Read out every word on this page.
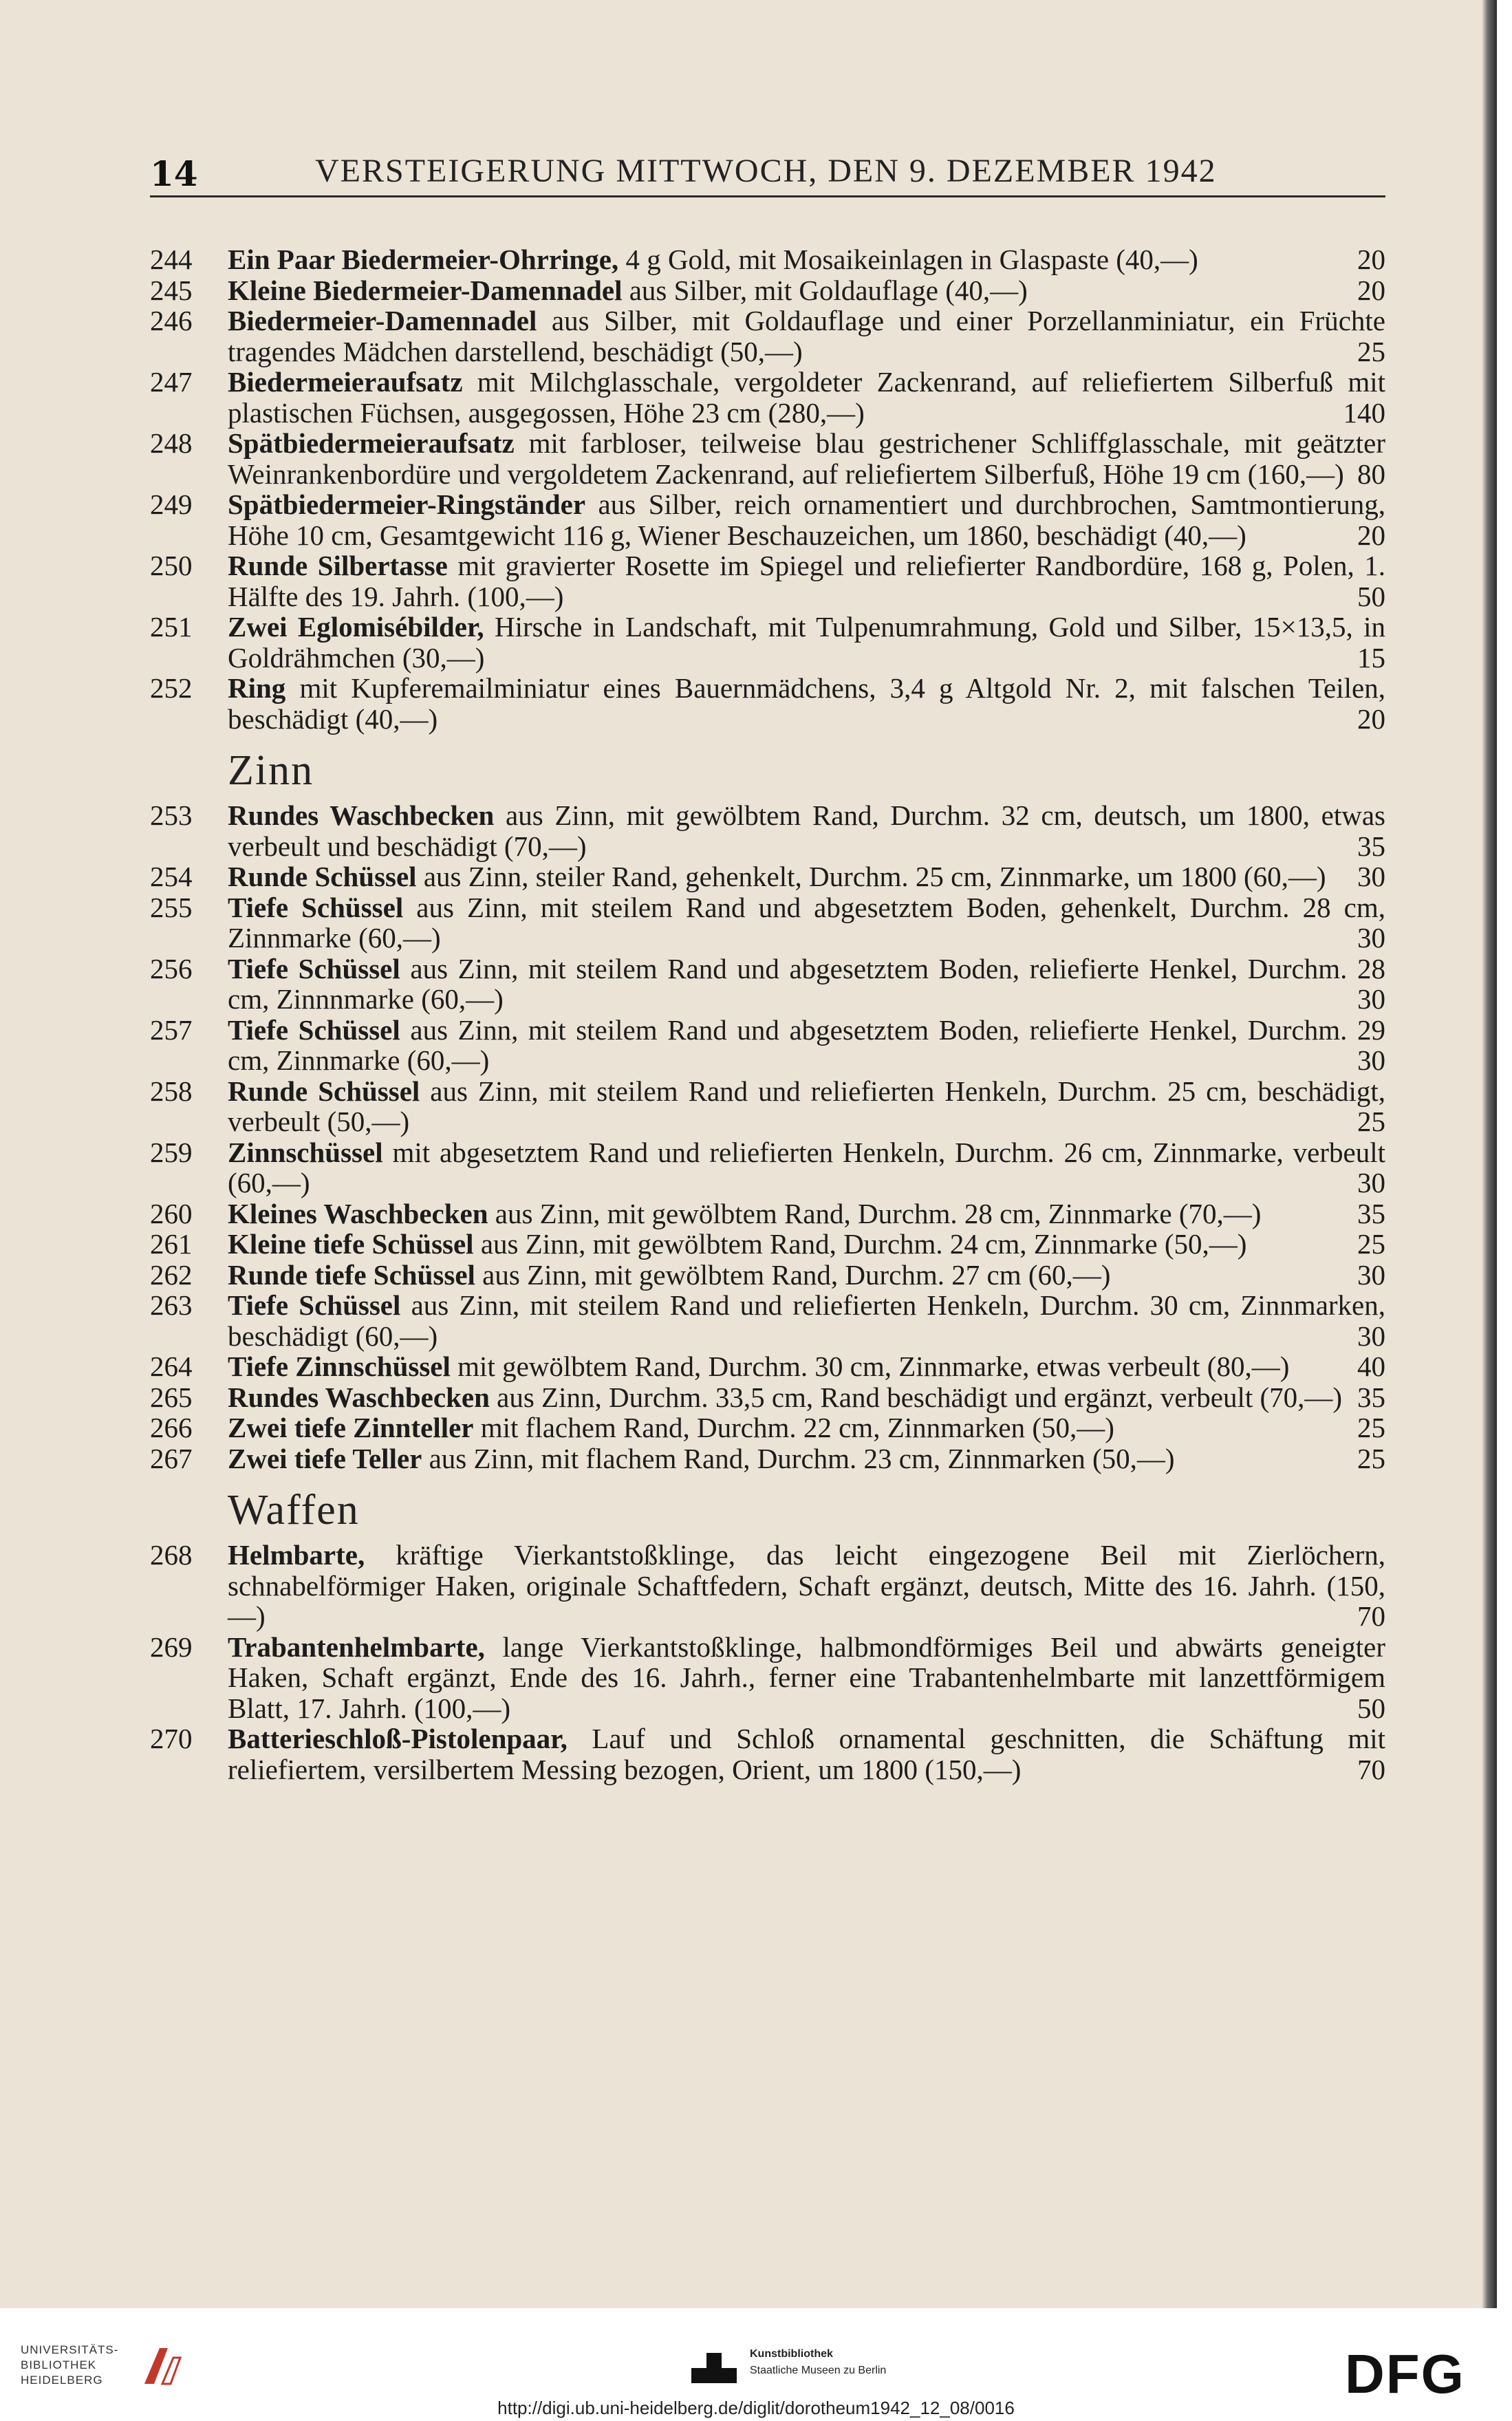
14	VERSTEIGERUNG MITTWOCH, DEN 9. DEZEMBER 1942
244 Ein Paar Biedermeier-Ohrringe, 4 g Gold, mit Mosaikeinlagen in Glaspaste (40,—)	20
245 Kleine Biedermeier-Damennadel aus Silber, mit Goldauflage (40,—)	20
246 Biedermeier-Damennadel aus Silber, mit Goldauflage und einer Porzellanminiatur, ein Früchte tragendes Mädchen darstellend, beschädigt (50,—)	25
247 Biedermeieraufsatz mit Milchglasschale, vergoldeter Zackenrand, auf reliefiertem Silberfuß mit plastischen Füchsen, ausgegossen, Höhe 23 cm (280,—)	140
248 Spätbiedermeieraufsatz mit farbloser, teilweise blau gestrichener Schliffglasschale, mit geätzter Weinrankenbordüre und vergoldetem Zackenrand, auf reliefiertem Silberfuß, Höhe 19 cm (160,—) 80
249 Spätbiedermeier-Ringständer aus Silber, reich ornamentiert und durchbrochen, Samtmontierung, Höhe 10 cm, Gesamtgewicht 116 g, Wiener Beschauzeichen, um 1860, beschädigt (40,—)	20
250 Runde Silbertasse mit gravierter Rosette im Spiegel und reliefierter Randbordüre, 168 g, Polen, 1. Hälfte des 19. Jahrh. (100,—)	50
251 Zwei Eglomisébilder, Hirsche in Landschaft, mit Tulpenumrahmung, Gold und Silber, 15×13,5, in Goldrähmchen (30,—)	15
252 Ring mit Kupferemailminiatur eines Bauernmädchens, 3,4 g Altgold Nr. 2, mit falschen Teilen, beschädigt (40,—)	20
Zinn
253 Rundes Waschbecken aus Zinn, mit gewölbtem Rand, Durchm. 32 cm, deutsch, um 1800, etwas verbeult und beschädigt (70,—)	35
254 Runde Schüssel aus Zinn, steiler Rand, gehenkelt, Durchm. 25 cm, Zinnmarke, um 1800 (60,—)	30
255 Tiefe Schüssel aus Zinn, mit steilem Rand und abgesetztem Boden, gehenkelt, Durchm. 28 cm, Zinnmarke (60,—)	30
256 Tiefe Schüssel aus Zinn, mit steilem Rand und abgesetztem Boden, reliefierte Henkel, Durchm. 28 cm, Zinnnmarke (60,—)	30
257 Tiefe Schüssel aus Zinn, mit steilem Rand und abgesetztem Boden, reliefierte Henkel, Durchm. 29 cm, Zinnmarke (60,—)	30
258 Runde Schüssel aus Zinn, mit steilem Rand und reliefierten Henkeln, Durchm. 25 cm, beschädigt, verbeult (50,—)	25
259 Zinnschüssel mit abgesetztem Rand und reliefierten Henkeln, Durchm. 26 cm, Zinnmarke, verbeult (60,—)	30
260 Kleines Waschbecken aus Zinn, mit gewölbtem Rand, Durchm. 28 cm, Zinnmarke (70,—)	35
261 Kleine tiefe Schüssel aus Zinn, mit gewölbtem Rand, Durchm. 24 cm, Zinnmarke (50,—)	25
262 Runde tiefe Schüssel aus Zinn, mit gewölbtem Rand, Durchm. 27 cm (60,—)	30
263 Tiefe Schüssel aus Zinn, mit steilem Rand und reliefierten Henkeln, Durchm. 30 cm, Zinnmarken, beschädigt (60,—)	30
264 Tiefe Zinnschüssel mit gewölbtem Rand, Durchm. 30 cm, Zinnmarke, etwas verbeult (80,—)	40
265 Rundes Waschbecken aus Zinn, Durchm. 33,5 cm, Rand beschädigt und ergänzt, verbeult (70,—) 35
266 Zwei tiefe Zinnteller mit flachem Rand, Durchm. 22 cm, Zinnmarken (50,—)	25
267 Zwei tiefe Teller aus Zinn, mit flachem Rand, Durchm. 23 cm, Zinnmarken (50,—)	25
Waffen
268 Helmbarte, kräftige Vierkantstoßklinge, das leicht eingezogene Beil mit Zierlöchern, schnabelförmiger Haken, originale Schaftfedern, Schaft ergänzt, deutsch, Mitte des 16. Jahrh. (150,—)	70
269 Trabantenhelmbarte, lange Vierkantstoßklinge, halbmondförmiges Beil und abwärts geneigter Haken, Schaft ergänzt, Ende des 16. Jahrh., ferner eine Trabantenhelmbarte mit lanzettförmigem Blatt, 17. Jahrh. (100,—)	50
270 Batterieschloß-Pistolenpaar, Lauf und Schloß ornamental geschnitten, die Schäftung mit reliefiertem, versilbertem Messing bezogen, Orient, um 1800 (150,—)	70
UNIVERSITÄTS-
BIBLIOTHEK
HEIDELBERG
Kunstbibliothek
Staatliche Museen zu Berlin	DFG
http://digi.ub.uni-heidelberg.de/diglit/dorotheum1942_12_08/0016
